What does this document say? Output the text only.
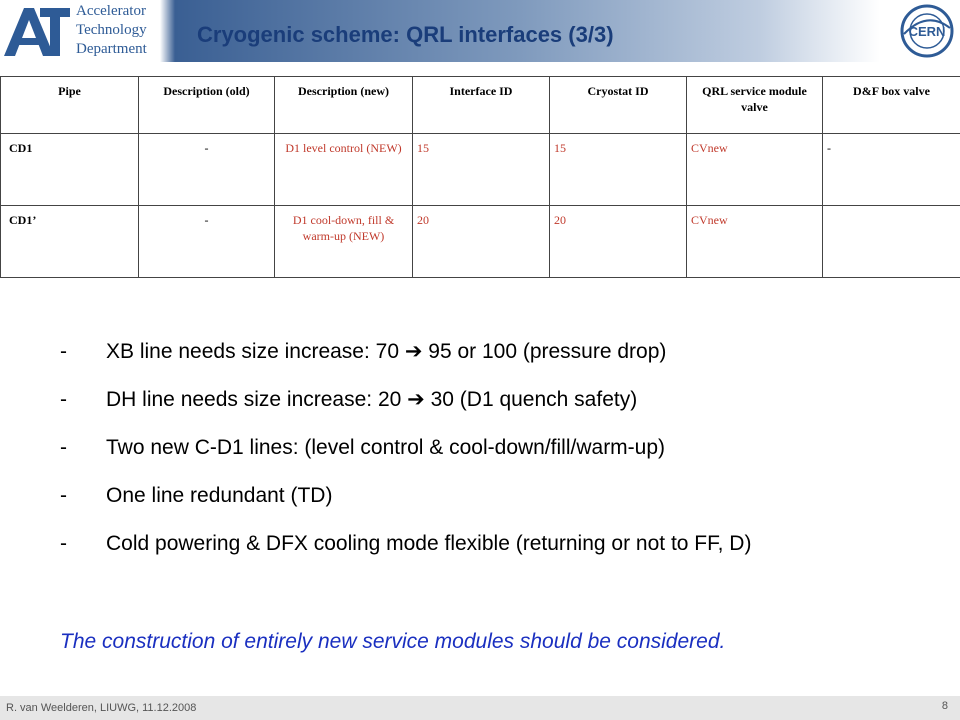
Accelerator
Technology
Department
Cryogenic scheme: QRL interfaces (3/3)	CERN
Pipe	Description (old)	Description (new)	Interface ID	Cryostat ID	QRL service module valve	D&F box valve
CD1	-	D1 level control (NEW)	15	15	CVnew	-
CD1’	-	D1 cool-down, fill & warm-up (NEW)	20	20	CVnew	
- XB line needs size increase: 70 ➔ 95 or 100 (pressure drop)
- DH line needs size increase: 20 ➔ 30 (D1 quench safety)
- Two new C-D1 lines: (level control & cool-down/fill/warm-up)
- One line redundant (TD)
- Cold powering & DFX cooling mode flexible (returning or not to FF, D)
The construction of entirely new service modules should be considered.
R. van Weelderen, LIUWG, 11.12.2008	8
